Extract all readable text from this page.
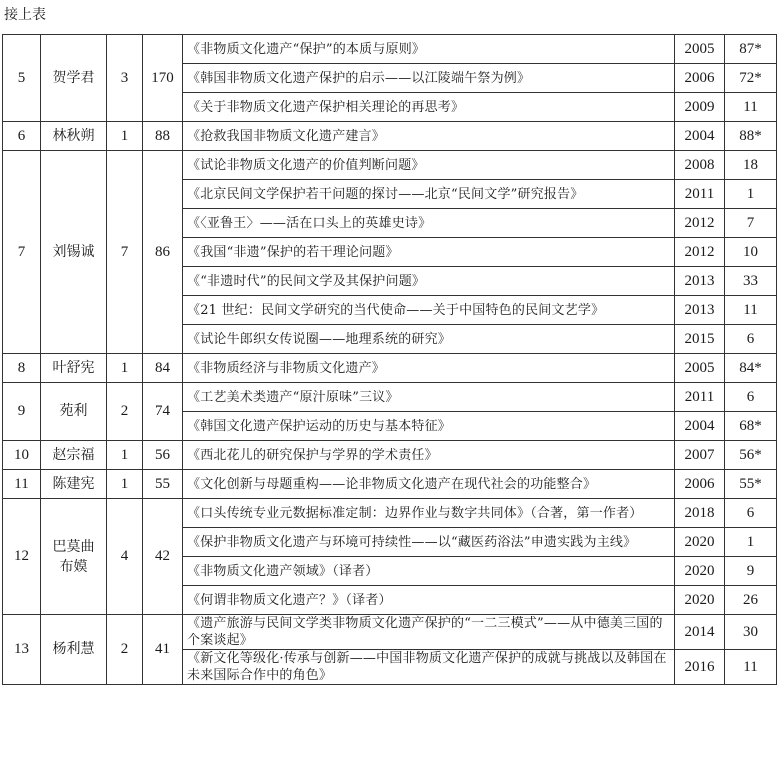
接上表
5	贺学君	3	170	《非物质文化遗产“保护”的本质与原则》	2005	87*
				《韩国非物质文化遗产保护的启示——以江陵端午祭为例》	2006	72*
				《关于非物质文化遗产保护相关理论的再思考》	2009	11
6	林秋朔	1	88	《抢救我国非物质文化遗产建言》	2004	88*
7	刘锡诚	7	86	《试论非物质文化遗产的价值判断问题》	2008	18
				《北京民间文学保护若干问题的探讨——北京“民间文学”研究报告》	2011	1
				《〈亚鲁王〉——活在口头上的英雄史诗》	2012	7
				《我国“非遗”保护的若干理论问题》	2012	10
				《“非遗时代”的民间文学及其保护问题》	2013	33
				《21 世纪：民间文学研究的当代使命——关于中国特色的民间文艺学》	2013	11
				《试论牛郎织女传说圈——地理系统的研究》	2015	6
8	叶舒宪	1	84	《非物质经济与非物质文化遗产》	2005	84*
9	苑利	2	74	《工艺美术类遗产“原汁原味”三议》	2011	6
				《韩国文化遗产保护运动的历史与基本特征》	2004	68*
10	赵宗福	1	56	《西北花儿的研究保护与学界的学术责任》	2007	56*
11	陈建宪	1	55	《文化创新与母题重构——论非物质文化遗产在现代社会的功能整合》	2006	55*
12	巴莫曲布嫫	4	42	《口头传统专业元数据标准定制：边界作业与数字共同体》（合著，第一作者）	2018	6
				《保护非物质文化遗产与环境可持续性——以“藏医药浴法”申遗实践为主线》	2020	1
				《非物质文化遗产领域》（译者）	2020	9
				《何谓非物质文化遗产？》（译者）	2020	26
13	杨利慧	2	41	《遗产旅游与民间文学类非物质文化遗产保护的“一二三模式”——从中德美三国的个案谈起》	2014	30
				《新文化等级化·传承与创新——中国非物质文化遗产保护的成就与挑战以及韩国在未来国际合作中的角色》	2016	11
